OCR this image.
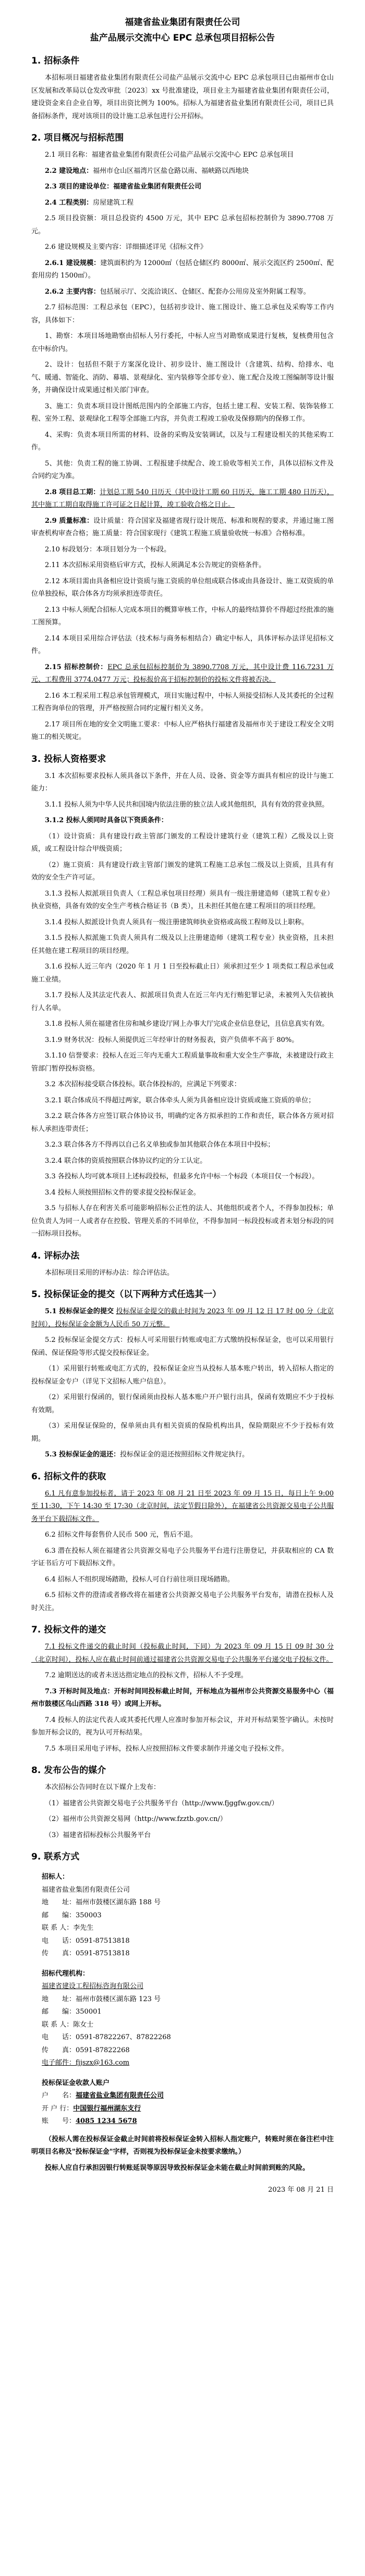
福建省盐业集团有限责任公司
盐产品展示交流中心 EPC 总承包项目招标公告
1. 招标条件

本招标项目福建省盐业集团有限责任公司盐产品展示交流中心 EPC 总承包项目已由福州市仓山区发展和改革局以仓发改审批〔2023〕xx 号批准建设，项目业主为福建省盐业集团有限责任公司，建设资金来自企业自筹，项目出资比例为 100%。招标人为福建省盐业集团有限责任公司，项目已具备招标条件，现对该项目的设计施工总承包进行公开招标。

2. 项目概况与招标范围

2.1 项目名称：福建省盐业集团有限责任公司盐产品展示交流中心 EPC 总承包项目

2.2 建设地点：福州市仓山区福湾片区盐仓路以南、福峡路以西地块

2.3 项目的建设单位：福建省盐业集团有限责任公司

2.4 工程类别：房屋建筑工程

2.5 项目投资额：项目总投资约 4500 万元，其中 EPC 总承包招标控制价为 3890.7708 万元。

2.6 建设规模及主要内容：详细描述详见《招标文件》

2.6.1 建设规模：建筑面积约为 12000㎡（包括仓储区约 8000㎡、展示交流区约 2500㎡、配套用房约 1500㎡）。

2.6.2 主要内容：包括展示厅、交流洽谈区、仓储区、配套办公用房及室外附属工程等。

2.7 招标范围：工程总承包（EPC），包括初步设计、施工图设计、施工总承包及采购等工作内容，具体如下：

1、勘察：本项目场地勘察由招标人另行委托，中标人应当对勘察成果进行复核，复核费用包含在中标价内。

2、设计：包括但不限于方案深化设计、初步设计、施工图设计（含建筑、结构、给排水、电气、暖通、智能化、消防、幕墙、景观绿化、室内装修等全部专业）、施工配合及竣工图编制等设计服务，并确保设计成果通过相关部门审查。

3、施工：负责本项目设计图纸范围内的全部施工内容，包括土建工程、安装工程、装饰装修工程、室外工程、景观绿化工程等全部施工内容，并负责工程竣工验收及保修期内的保修工作。

4、采购：负责本项目所需的材料、设备的采购及安装调试，以及与工程建设相关的其他采购工作。

5、其他：负责工程的施工协调、工程报建手续配合、竣工验收等相关工作，具体以招标文件及合同约定为准。

2.8 项目总工期：计划总工期 540 日历天（其中设计工期 60 日历天，施工工期 480 日历天），其中施工工期自取得施工许可证之日起计算，竣工验收合格之日止。

2.9 质量标准：设计质量：符合国家及福建省现行设计规范、标准和规程的要求，并通过施工图审查机构审查合格；施工质量：符合国家现行《建筑工程施工质量验收统一标准》合格标准。

2.10 标段划分：本项目划分为一个标段。

2.11 本次招标采用资格后审方式，投标人须满足本公告规定的资格条件。

2.12 本项目需由具备相应设计资质与施工资质的单位组成联合体或由具备设计、施工双资质的单位单独投标，联合体各方均须承担连带责任。

2.13 中标人须配合招标人完成本项目的概算审核工作，中标人的最终结算价不得超过经批准的施工图预算。

2.14 本项目采用综合评估法（技术标与商务标相结合）确定中标人，具体评标办法详见招标文件。

2.15 招标控制价：EPC 总承包招标控制价为 3890.7708 万元，其中设计费 116.7231 万元、工程费用 3774.0477 万元；投标报价高于招标控制价的投标文件将被否决。

2.16 本工程采用工程总承包管理模式，项目实施过程中，中标人须接受招标人及其委托的全过程工程咨询单位的管理，并严格按照合同约定履行相关义务。

2.17 项目所在地的安全文明施工要求：中标人应严格执行福建省及福州市关于建设工程安全文明施工的相关规定。

3. 投标人资格要求

3.1 本次招标要求投标人须具备以下条件，并在人员、设备、资金等方面具有相应的设计与施工能力：

3.1.1 投标人须为中华人民共和国境内依法注册的独立法人或其他组织，具有有效的营业执照。

3.1.2 投标人须同时具备以下资质条件：

（1）设计资质：具有建设行政主管部门颁发的工程设计建筑行业（建筑工程）乙级及以上资质，或工程设计综合甲级资质；

（2）施工资质：具有建设行政主管部门颁发的建筑工程施工总承包二级及以上资质，且具有有效的安全生产许可证。

3.1.3 投标人拟派项目负责人（工程总承包项目经理）须具有一级注册建造师（建筑工程专业）执业资格，具备有效的安全生产考核合格证书（B 类），且未担任其他在建工程项目的项目经理。

3.1.4 投标人拟派设计负责人须具有一级注册建筑师执业资格或高级工程师及以上职称。

3.1.5 投标人拟派施工负责人须具有二级及以上注册建造师（建筑工程专业）执业资格，且未担任其他在建工程项目的项目经理。

3.1.6 投标人近三年内（2020 年 1 月 1 日至投标截止日）须承担过至少 1 项类似工程总承包或施工业绩。

3.1.7 投标人及其法定代表人、拟派项目负责人在近三年内无行贿犯罪记录，未被列入失信被执行人名单。

3.1.8 投标人须在福建省住房和城乡建设厅网上办事大厅完成企业信息登记，且信息真实有效。

3.1.9 财务状况：投标人须提供近三年经审计的财务报表，资产负债率不高于 80%。

3.1.10 信誉要求：投标人在近三年内无重大工程质量事故和重大安全生产事故，未被建设行政主管部门暂停投标资格。

3.2 本次招标接受联合体投标。联合体投标的，应满足下列要求：

3.2.1 联合体成员不得超过两家，联合体牵头人须为具备相应设计资质或施工资质的单位；

3.2.2 联合体各方应签订联合体协议书，明确约定各方拟承担的工作和责任，联合体各方须对招标人承担连带责任；

3.2.3 联合体各方不得再以自己名义单独或参加其他联合体在本项目中投标；

3.2.4 联合体的资质按照联合体协议约定的分工认定。

3.3 各投标人均可就本项目上述标段投标，但最多允许中标一个标段（本项目仅一个标段）。

3.4 投标人须按照招标文件的要求提交投标保证金。

3.5 与招标人存在利害关系可能影响招标公正性的法人、其他组织或者个人，不得参加投标；单位负责人为同一人或者存在控股、管理关系的不同单位，不得参加同一标段投标或者未划分标段的同一招标项目投标。

4. 评标办法

本招标项目采用的评标办法：综合评估法。

5. 投标保证金的提交（以下两种方式任选其一）

5.1 投标保证金的提交 投标保证金提交的截止时间为 2023 年 09 月 12 日 17 时 00 分（北京时间），投标保证金金额为人民币 50 万元整。

5.2 投标保证金提交方式：投标人可采用银行转账或电汇方式缴纳投标保证金，也可以采用银行保函、保证保险等形式提交投标保证金。

（1）采用银行转账或电汇方式的，投标保证金应当从投标人基本账户转出，转入招标人指定的投标保证金专户（详见下文招标人账户信息）。

（2）采用银行保函的，银行保函须由投标人基本账户开户银行出具，保函有效期应不少于投标有效期。

（3）采用保证保险的，保单须由具有相关资质的保险机构出具，保险期限应不少于投标有效期。

5.3 投标保证金的退还：投标保证金的退还按照招标文件规定执行。

6. 招标文件的获取

6.1 凡有意参加投标者，请于 2023 年 08 月 21 日至 2023 年 09 月 15 日，每日上午 9:00 至 11:30，下午 14:30 至 17:30（北京时间，法定节假日除外），在福建省公共资源交易电子公共服务平台下载招标文件。

6.2 招标文件每套售价人民币 500 元，售后不退。

6.3 潜在投标人须在福建省公共资源交易电子公共服务平台进行注册登记，并获取相应的 CA 数字证书后方可下载招标文件。

6.4 招标人不组织现场踏勘，投标人可自行前往项目现场踏勘。

6.5 招标文件的澄清或者修改将在福建省公共资源交易电子公共服务平台发布，请潜在投标人及时关注。

7. 投标文件的递交

7.1 投标文件递交的截止时间（投标截止时间，下同）为 2023 年 09 月 15 日 09 时 30 分（北京时间），投标人应在截止时间前通过福建省公共资源交易电子公共服务平台递交电子投标文件。

7.2 逾期送达的或者未送达指定地点的投标文件，招标人不予受理。

7.3 开标时间及地点：开标时间同投标截止时间，开标地点为福州市公共资源交易服务中心（福州市鼓楼区乌山西路 318 号）或网上开标。

7.4 投标人的法定代表人或其委托代理人应准时参加开标会议，并对开标结果签字确认。未按时参加开标会议的，视为认可开标结果。

7.5 本项目采用电子评标，投标人应按照招标文件要求制作并递交电子投标文件。

8. 发布公告的媒介

本次招标公告同时在以下媒介上发布：

（1）福建省公共资源交易电子公共服务平台（http://www.fjggfw.gov.cn/）

（2）福州市公共资源交易网（http://www.fzztb.gov.cn/）

（3）福建省招标投标公共服务平台

9. 联系方式

招标人：

福建省盐业集团有限责任公司

地　　址：福州市鼓楼区湖东路 188 号

邮　　编：350003

联 系 人：李先生

电　　话：0591-87513818

传　　真：0591-87513818

招标代理机构：

福建省建设工程招标咨询有限公司

地　　址：福州市鼓楼区湖东路 123 号

邮　　编：350001

联 系 人：陈女士

电　　话：0591-87822267、87822268

传　　真：0591-87822268

电子邮件：fjjszx@163.com

投标保证金收款人账户

户　　名：福建省盐业集团有限责任公司

开 户 行：中国银行福州湖东支行

账　　号：4085 1234 5678

（投标人需在投标保证金截止时间前将投标保证金转入招标人指定账户，转账时须在备注栏中注明项目名称及"投标保证金"字样，否则视为投标保证金未按要求缴纳。）

投标人应自行承担因银行转账延误等原因导致投标保证金未能在截止时间前到账的风险。

2023 年 08 月 21 日
